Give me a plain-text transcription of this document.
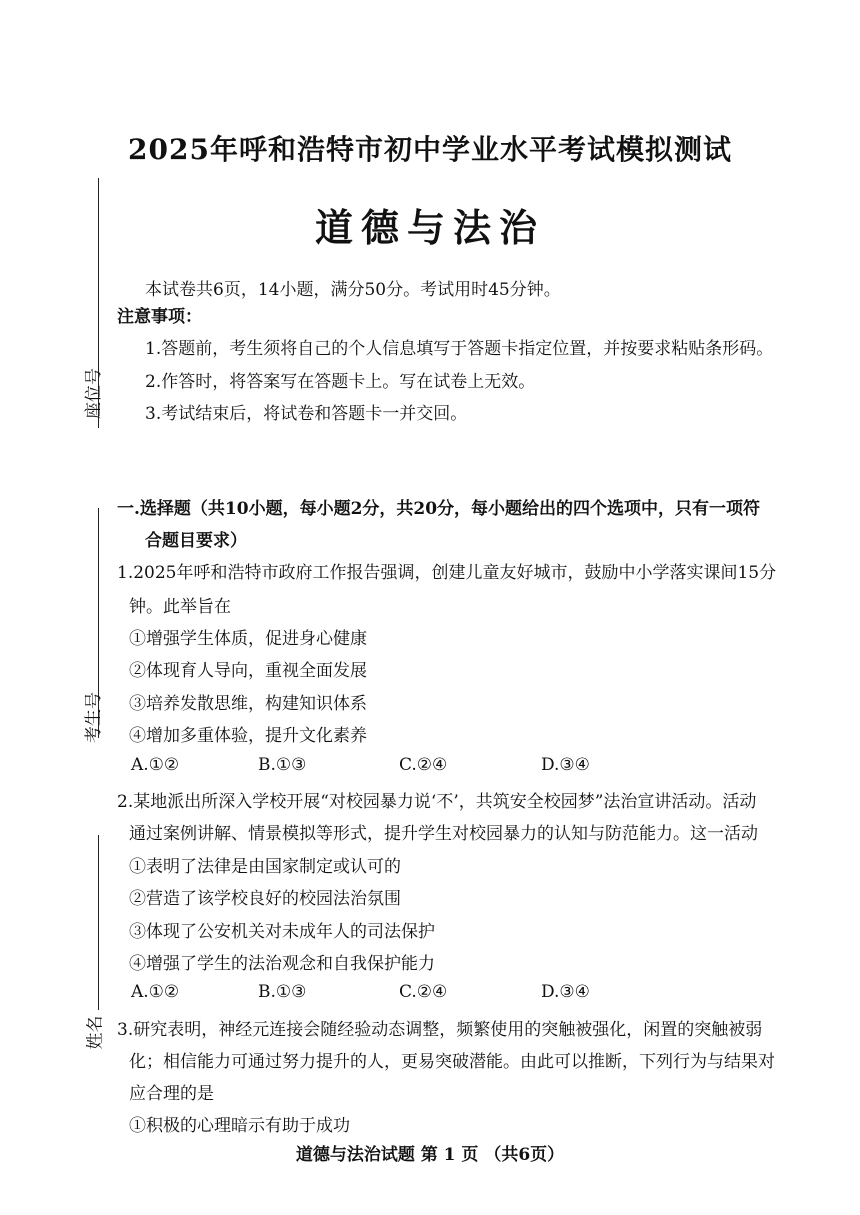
2025年呼和浩特市初中学业水平考试模拟测试
道德与法治
座位号
考生号
姓名
本试卷共6页，14小题，满分50分。考试用时45分钟。
注意事项：
1.答题前，考生须将自己的个人信息填写于答题卡指定位置，并按要求粘贴条形码。
2.作答时，将答案写在答题卡上。写在试卷上无效。
3.考试结束后，将试卷和答题卡一并交回。
一.选择题（共10小题，每小题2分，共20分，每小题给出的四个选项中，只有一项符
合题目要求）
1.2025年呼和浩特市政府工作报告强调，创建儿童友好城市，鼓励中小学落实课间15分
钟。此举旨在
①增强学生体质，促进身心健康
②体现育人导向，重视全面发展
③培养发散思维，构建知识体系
④增加多重体验，提升文化素养
A.①②	B.①③	C.②④	D.③④
2.某地派出所深入学校开展“对校园暴力说‘不’，共筑安全校园梦”法治宣讲活动。活动
通过案例讲解、情景模拟等形式，提升学生对校园暴力的认知与防范能力。这一活动
①表明了法律是由国家制定或认可的
②营造了该学校良好的校园法治氛围
③体现了公安机关对未成年人的司法保护
④增强了学生的法治观念和自我保护能力
A.①②	B.①③	C.②④	D.③④
3.研究表明，神经元连接会随经验动态调整，频繁使用的突触被强化，闲置的突触被弱
化；相信能力可通过努力提升的人，更易突破潜能。由此可以推断，下列行为与结果对
应合理的是
①积极的心理暗示有助于成功
道德与法治试题 第 1 页 （共6页）
